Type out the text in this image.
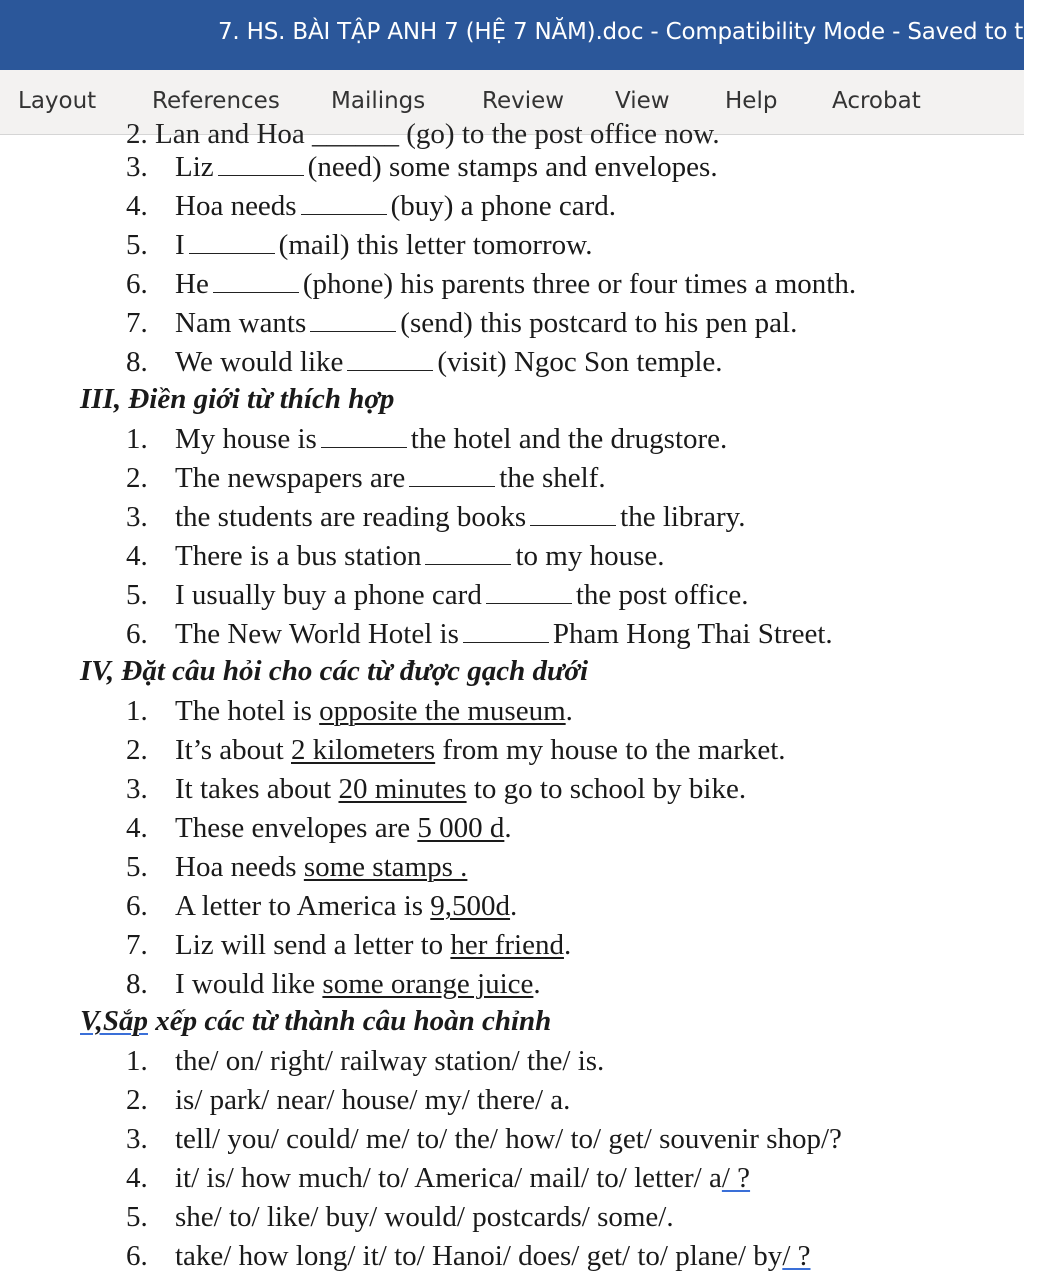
7. HS. BÀI TẬP ANH 7 (HỆ 7 NĂM).doc - Compatibility Mode - Saved to this
Layout References Mailings Review View Help Acrobat
2. Lan and Hoa ______ (go) to the post office now.
3. Liz	(need) some stamps and envelopes.
4. Hoa needs	(buy) a phone card.
5. I	(mail) this letter tomorrow.
6. He	(phone) his parents three or four times a month.
7. Nam wants	(send) this postcard to his pen pal.
8. We would like	(visit) Ngoc Son temple.
III, Điền giới từ thích hợp
1. My house is	the hotel and the drugstore.
2. The newspapers are	the shelf.
3. the students are reading books	the library.
4. There is a bus station	to my house.
5. I usually buy a phone card	the post office.
6. The New World Hotel is	Pham Hong Thai Street.
IV, Đặt câu hỏi cho các từ được gạch dưới
1. The hotel is opposite the museum.
2. It’s about 2 kilometers from my house to the market.
3. It takes about 20 minutes to go to school by bike.
4. These envelopes are 5 000 d.
5. Hoa needs some stamps .
6. A letter to America is 9,500d.
7. Liz will send a letter to her friend.
8. I would like some orange juice.
V,Sắp xếp các từ thành câu hoàn chỉnh
1. the/ on/ right/ railway station/ the/ is.
2. is/ park/ near/ house/ my/ there/ a.
3. tell/ you/ could/ me/ to/ the/ how/ to/ get/ souvenir shop/?
4. it/ is/ how much/ to/ America/ mail/ to/ letter/ a/ ?
5. she/ to/ like/ buy/ would/ postcards/ some/.
6. take/ how long/ it/ to/ Hanoi/ does/ get/ to/ plane/ by/ ?
